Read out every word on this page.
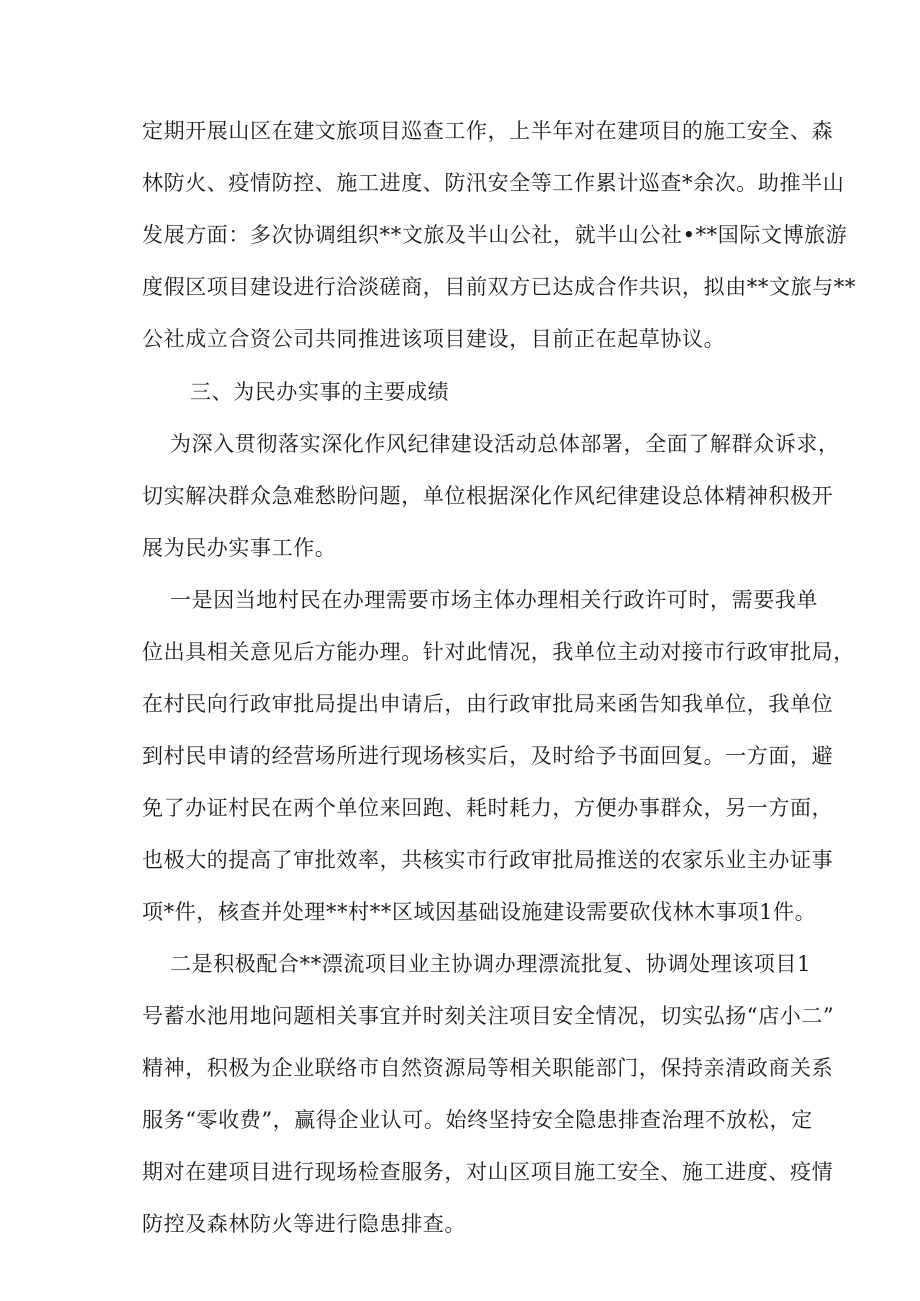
定期开展山区在建文旅项目巡查工作，上半年对在建项目的施工安全、森
林防火、疫情防控、施工进度、防汛安全等工作累计巡查*余次。助推半山
发展方面：多次协调组织**文旅及半山公社，就半山公社•**国际文博旅游
度假区项目建设进行洽淡磋商，目前双方已达成合作共识，拟由**文旅与**
公社成立合资公司共同推进该项目建设，目前正在起草协议。
三、为民办实事的主要成绩
为深入贯彻落实深化作风纪律建设活动总体部署，全面了解群众诉求，
切实解决群众急难愁盼问题，单位根据深化作风纪律建设总体精神积极开
展为民办实事工作。
一是因当地村民在办理需要市场主体办理相关行政许可时，需要我单
位出具相关意见后方能办理。针对此情况，我单位主动对接市行政审批局，
在村民向行政审批局提出申请后，由行政审批局来函告知我单位，我单位
到村民申请的经营场所进行现场核实后，及时给予书面回复。一方面，避
免了办证村民在两个单位来回跑、耗时耗力，方便办事群众，另一方面，
也极大的提高了审批效率，共核实市行政审批局推送的农家乐业主办证事
项*件，核查并处理**村**区域因基础设施建设需要砍伐林木事项1件。
二是积极配合**漂流项目业主协调办理漂流批复、协调处理该项目1
号蓄水池用地问题相关事宜并时刻关注项目安全情况，切实弘扬“店小二”
精神，积极为企业联络市自然资源局等相关职能部门，保持亲清政商关系
服务“零收费”，赢得企业认可。始终坚持安全隐患排查治理不放松，定
期对在建项目进行现场检查服务，对山区项目施工安全、施工进度、疫情
防控及森林防火等进行隐患排查。
